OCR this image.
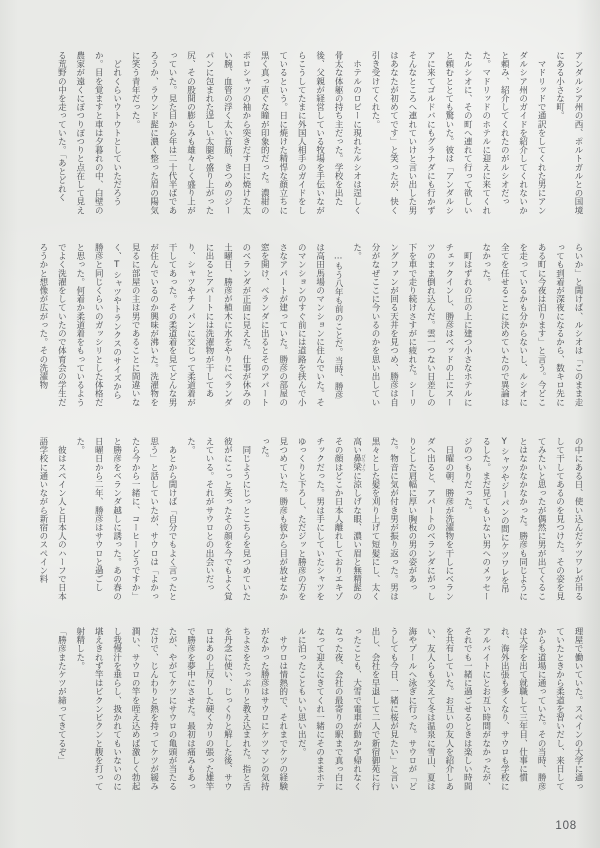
アンダルシア州の西、ポルトガルとの国境にある小さな町。

　マドリッドで通訳をしてくれた男にアンダルシア州のガイドを紹介してくれないかと頼み、紹介してくれたのがルシオだった。マドリッドのホテルに迎えに来てくれたルシオに、その町へ連れて行って欲しいと頼むととても驚いた。彼は「アンダルシアに来てゴルドバにもグラナダにも行かずそんなところへ連れていけと言い出した男はあなたが初めてです」と笑ったが、快く引き受けてくれた。

　ホテルのロビーに現れたルシオは逞しく骨太な体躯の持ち主だった。学校を出た後、父親が経営している牧場を手伝いながらこうしてたまに外国人相手のガイドをしているという。日に焼けた精悍な顔立ちに黒く真っ直ぐな瞳が印象的だった。濃紺のポロシャツの袖から突きだす日に焼けた太い腕、血管の浮く太い首筋、きつめのジーパンに包まれた逞しい太腿や盛り上がった尻、その股間の膨らみも雄々しく盛り上がっていた。見た目から年は二十代半ばであろうか、ラウンド髭に濃く整った眉の陽気に笑う青年だった。

　どれくらいウトウトとしていただろうか。目を覚ますと車は夕暮れの中、白壁の農家が遠くにぽつりぽつりと点在して見える荒野の中を走っていた。「あとどれく

らいか」と聞けば、ルシオは「このまま走っても到着が深夜になるから、数キロ先にある町に今夜は泊ります」と言う。今どこを走っているかも分からないし、ルシオに全てを任せることに決めていたので異論はなかった。

　町はずれの丘の上に建つ小さなホテルにチェックインし、勝彦はベッドの上にスーツのまま倒れ込んだ。雲一つない日差しの下を車で走り続けさすがに疲れた。シーリングファンが回る天井を見つめ、勝彦は自分がなぜここに今いるのかを思い出していた。

　…もう八年も前のことだ。当時、勝彦は高田馬場のマンションに住んでいた。そのマンションのすぐ前には道路を挟んで小さなアパートが建っていた。勝彦の部屋の窓を開け、ベランダに出るとそのアパートのベランダが正面に見えた。仕事が休みの土曜日、勝彦が植木に水をやりにベランダに出るとアパートには洗濯物が干してあり、シャツやチノパンに交じって柔道着が干してあった。その柔道着を見てどんな男が住んでいるのか興味が沸いた。洗濯物を見るに部屋の主は男であることに間違いなく、Tシャツやトランクスのサイズから勝彦と同じくらいのガッシリとした体格だと思った。何着か柔道着をもっているようでよく洗濯をしていたので体育会の学生だろうかと想像が広がった。その洗濯物

の中にある日、使い込んだケツワレが吊るして干してあるのを見つけた。その姿を見てみたいと思ったが偶然に男が出てくることはなかなかなかった。勝彦も同じようにYシャツやジーパンの間にケツワレを吊るした。まだ見てもいない男へのメッセージのつもりだった。

　日曜の朝、勝彦が洗濯物を干しにベランダへ出ると、アパートのベランダにがっしりとした肩幅に厚い胸板の男の姿があった。物音に気が付き男が振り返った。男は黒々とした髪を刈り上げて短髪にし、太く高い鼻梁 びりょうに涼しげな眼、濃い眉と無精髭のその顔はどこか日本人離れしておりエキゾチックだった。男は手にしていたシャツをゆっくりと下ろし、ただジッと勝彦の方を見つめていた。勝彦も彼から目が放せなかった。

　同じようにじっとこちらを見つめていた彼がにこっと笑ったその顔を今でもよく覚えている。それがサウロとの出会いだった。

　あとから聞けば「自分でもよく言ったと思う」と話していたが、サウロは「よかったら今から一緒に、コーヒーどうですか」と勝彦をベランダ越しに誘った。あの春の日曜日から二年、勝彦はサウロと過ごした。

　彼はスペイン人と日本人のハーフで日本語学校に通いながら新宿のスペイン料

理屋で働いていた。スペインの大学に通っていたときから柔道を習いだし、来日してからも道場に通っていた。その当時、勝彦は大学を出て就職して三年目、仕事に慣れ、海外出張も多くなり、サウロも学校にアルバイトにとお互い時間がなかったが、それでも一緒に過ごせるときは楽しい時間を共有していた。お互いの友人を紹介しあい、友人らも交えて冬は温泉に雪山、夏は海やプールへ泳ぎに行った。サウロが「どうしても今日、一緒に桜が見たい」と言い出し、会社を早退して二人で新宿御苑に行ったことも、大雪で電車が動かず帰れなくなった夜、会社の最寄りの駅まで真っ白になって迎えにきてくれ一緒にそのままホテルに泊ったこともいい思い出だ。

　サウロは情熱的で、それまでケツの経験がなかった勝彦はサウロにケツマンの気持ちよさをたっぷりと教え込まれた。指と舌を丹念に使い、じっくりと解した後、サウロはあの上反りした硬くカリの張った雄竿で勝彦を夢中にさせた。最初は痛みもあったが、やがてケツにサウロの亀頭が当たるだけで、じんわりと熱を持ってケツが緩み潤い、サウロの竿を咥え込めば激しく勃起し我慢汁を垂らし、扱かれてもいないのに堪えきれず竿はビクンビクンと腹を打って射精した。

「勝彦またケツが締ってきてるぞ」

108
